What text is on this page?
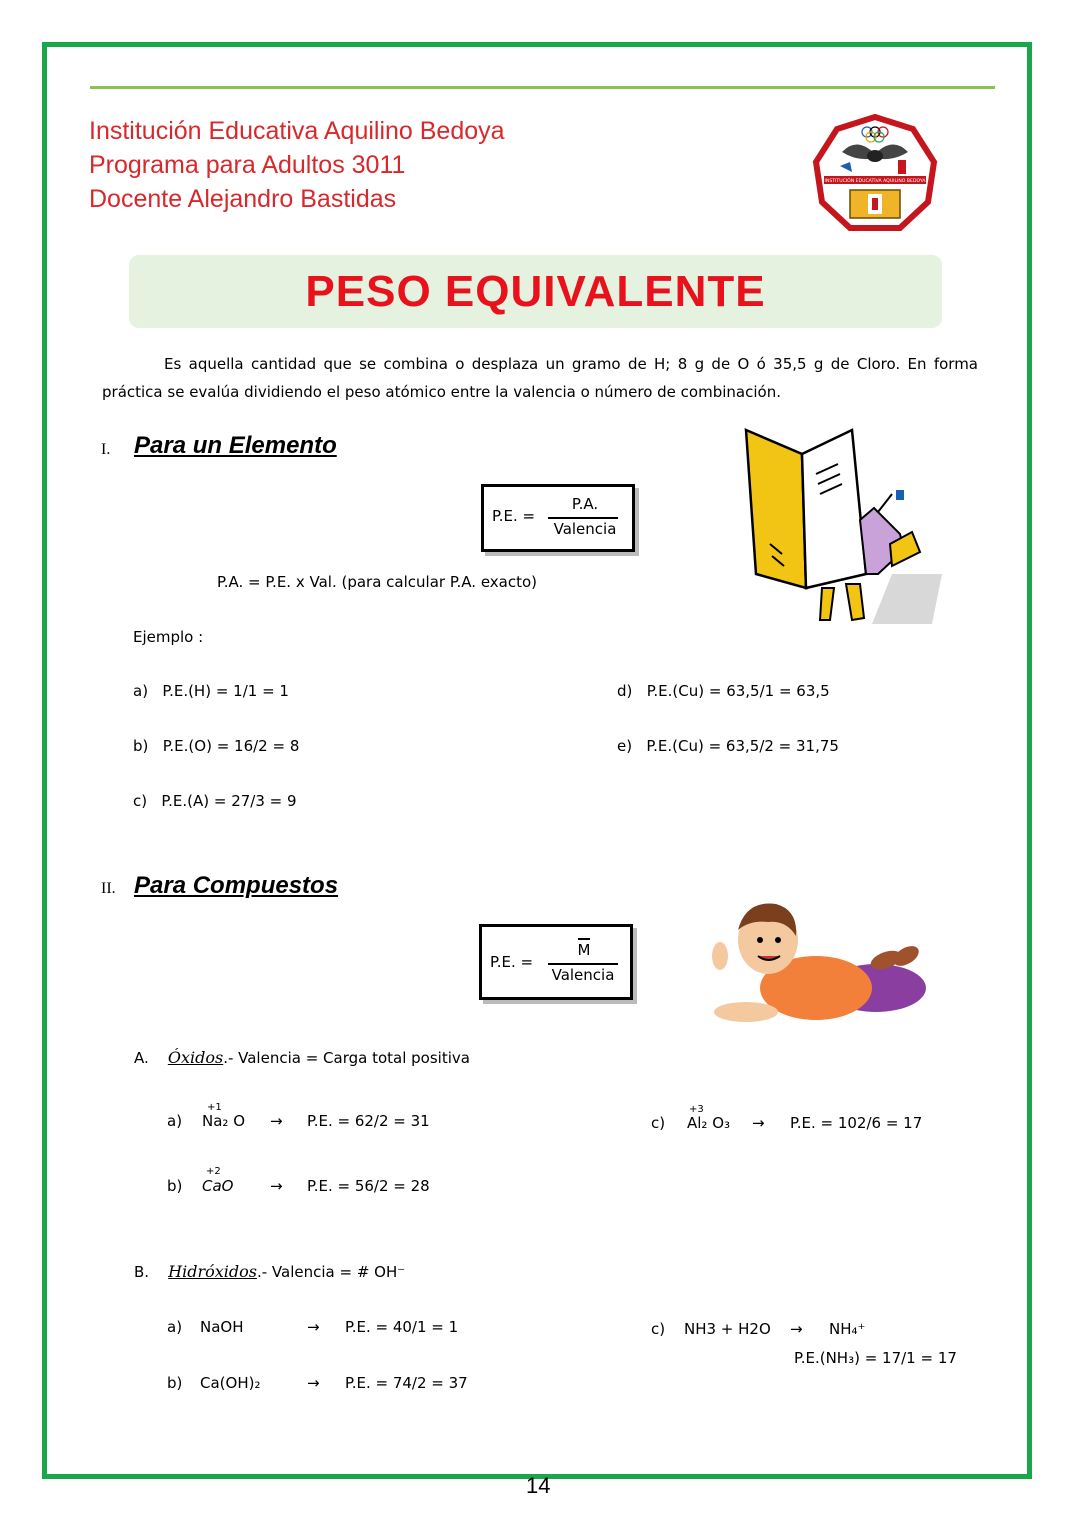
Institución Educativa Aquilino Bedoya
Programa para Adultos 3011
Docente Alejandro Bastidas
INSTITUCIÓN EDUCATIVA AQUILINO BEDOYA
PESO EQUIVALENTE

Es aquella cantidad que se combina o desplaza un gramo de H; 8 g de O ó 35,5 g de Cloro. En forma práctica se evalúa dividiendo el peso atómico entre la valencia o número de combinación.

I. Para un Elemento
P.E. =
P.A.
Valencia
P.A. = P.E. x Val. (para calcular P.A. exacto)
Ejemplo :
a) P.E.(H) = 1/1 = 1
b) P.E.(O) = 16/2 = 8
c) P.E.(A) = 27/3 = 9
d) P.E.(Cu) = 63,5/1 = 63,5
e) P.E.(Cu) = 63,5/2 = 31,75
II. Para Compuestos
P.E. =
M
Valencia
A. Óxidos.- Valencia = Carga total positiva
a)
+1
Na₂ O → P.E. = 62/2 = 31
b)
+2
CaO → P.E. = 56/2 = 28
c)
+3
Al₂ O₃ → P.E. = 102/6 = 17
B. Hidróxidos.- Valencia = # OH⁻
a) NaOH	→ P.E. = 40/1 = 1
b) Ca(OH)₂	→ P.E. = 74/2 = 37
c) NH3 + H2O → NH₄⁺
P.E.(NH₃) = 17/1 = 17
14
